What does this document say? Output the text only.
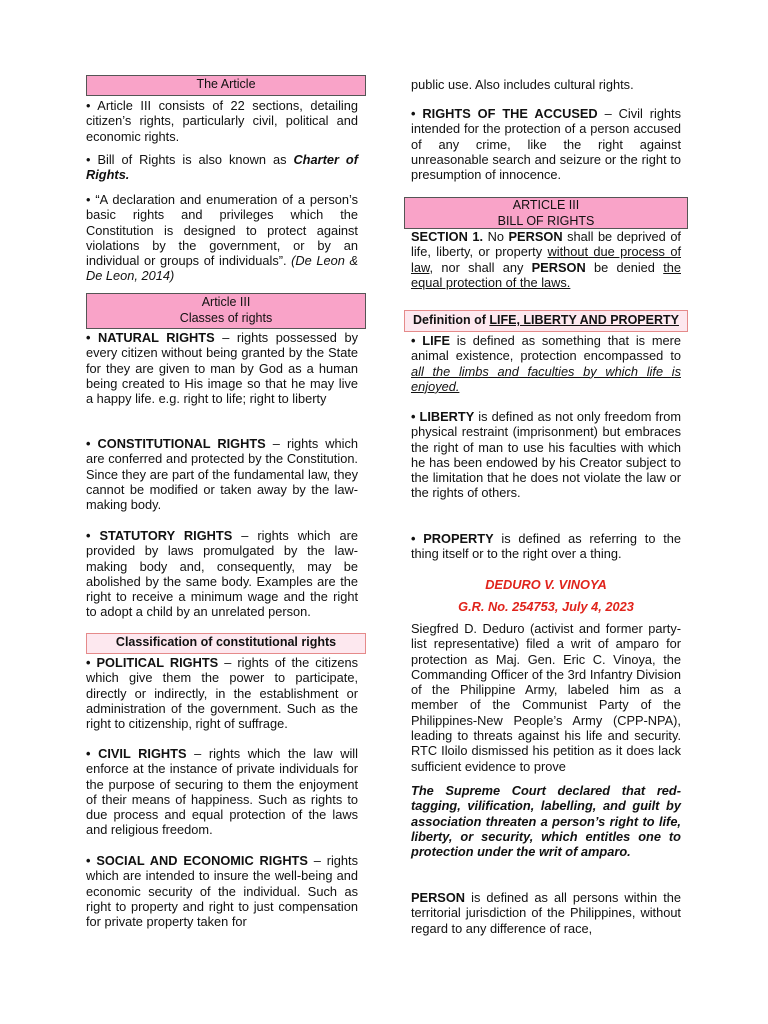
The Article
• Article III consists of 22 sections, detailing citizen’s rights, particularly civil, political and economic rights.
• Bill of Rights is also known as Charter of Rights.
• “A declaration and enumeration of a person’s basic rights and privileges which the Constitution is designed to protect against violations by the government, or by an individual or groups of individuals”. (De Leon & De Leon, 2014)
Article III
Classes of rights
• NATURAL RIGHTS – rights possessed by every citizen without being granted by the State for they are given to man by God as a human being created to His image so that he may live a happy life. e.g. right to life; right to liberty
• CONSTITUTIONAL RIGHTS – rights which are conferred and protected by the Constitution. Since they are part of the fundamental law, they cannot be modified or taken away by the law-making body.
• STATUTORY RIGHTS – rights which are provided by laws promulgated by the law-making body and, consequently, may be abolished by the same body. Examples are the right to receive a minimum wage and the right to adopt a child by an unrelated person.
Classification of constitutional rights
• POLITICAL RIGHTS – rights of the citizens which give them the power to participate, directly or indirectly, in the establishment or administration of the government. Such as the right to citizenship, right of suffrage.
• CIVIL RIGHTS – rights which the law will enforce at the instance of private individuals for the purpose of securing to them the enjoyment of their means of happiness. Such as rights to due process and equal protection of the laws and religious freedom.
• SOCIAL AND ECONOMIC RIGHTS – rights which are intended to insure the well-being and economic security of the individual. Such as right to property and right to just compensation for private property taken for
public use. Also includes cultural rights.
• RIGHTS OF THE ACCUSED – Civil rights intended for the protection of a person accused of any crime, like the right against unreasonable search and seizure or the right to presumption of innocence.
ARTICLE III
BILL OF RIGHTS
SECTION 1. No PERSON shall be deprived of life, liberty, or property without due process of law, nor shall any PERSON be denied the equal protection of the laws.
Definition of LIFE, LIBERTY AND PROPERTY
• LIFE is defined as something that is mere animal existence, protection encompassed to all the limbs and faculties by which life is enjoyed.
• LIBERTY is defined as not only freedom from physical restraint (imprisonment) but embraces the right of man to use his faculties with which he has been endowed by his Creator subject to the limitation that he does not violate the law or the rights of others.
• PROPERTY is defined as referring to the thing itself or to the right over a thing.
DEDURO V. VINOYA
G.R. No. 254753, July 4, 2023
Siegfred D. Deduro (activist and former party-list representative) filed a writ of amparo for protection as Maj. Gen. Eric C. Vinoya, the Commanding Officer of the 3rd Infantry Division of the Philippine Army, labeled him as a member of the Communist Party of the Philippines-New People’s Army (CPP-NPA), leading to threats against his life and security. RTC Iloilo dismissed his petition as it does lack sufficient evidence to prove
The Supreme Court declared that red-tagging, vilification, labelling, and guilt by association threaten a person’s right to life, liberty, or security, which entitles one to protection under the writ of amparo.
PERSON is defined as all persons within the territorial jurisdiction of the Philippines, without regard to any difference of race,
